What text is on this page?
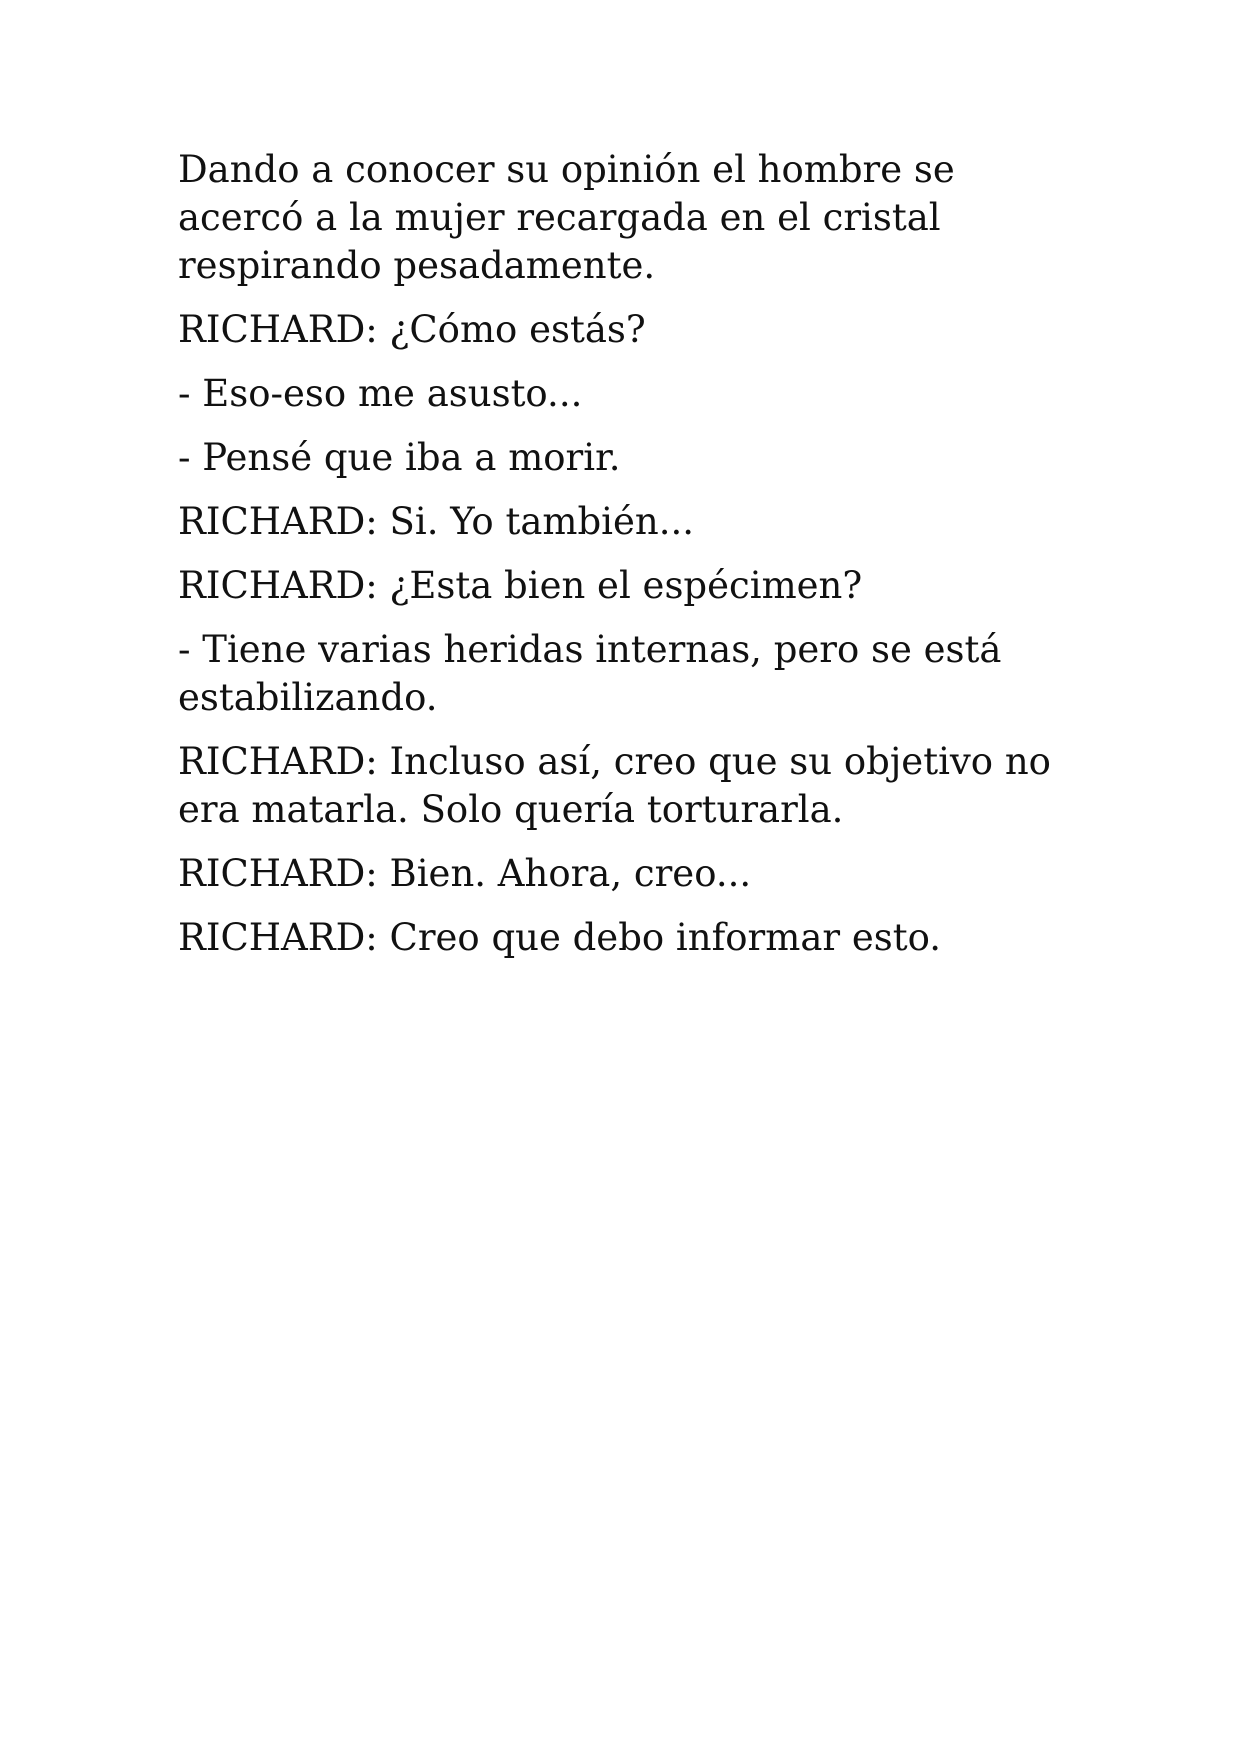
Dando a conocer su opinión el hombre se acercó a la mujer recargada en el cristal respirando pesadamente.

RICHARD: ¿Cómo estás?

- Eso-eso me asusto...

- Pensé que iba a morir.

RICHARD: Si. Yo también...

RICHARD: ¿Esta bien el espécimen?

- Tiene varias heridas internas, pero se está estabilizando.

RICHARD: Incluso así, creo que su objetivo no era matarla. Solo quería torturarla.

RICHARD: Bien. Ahora, creo...

RICHARD: Creo que debo informar esto.
